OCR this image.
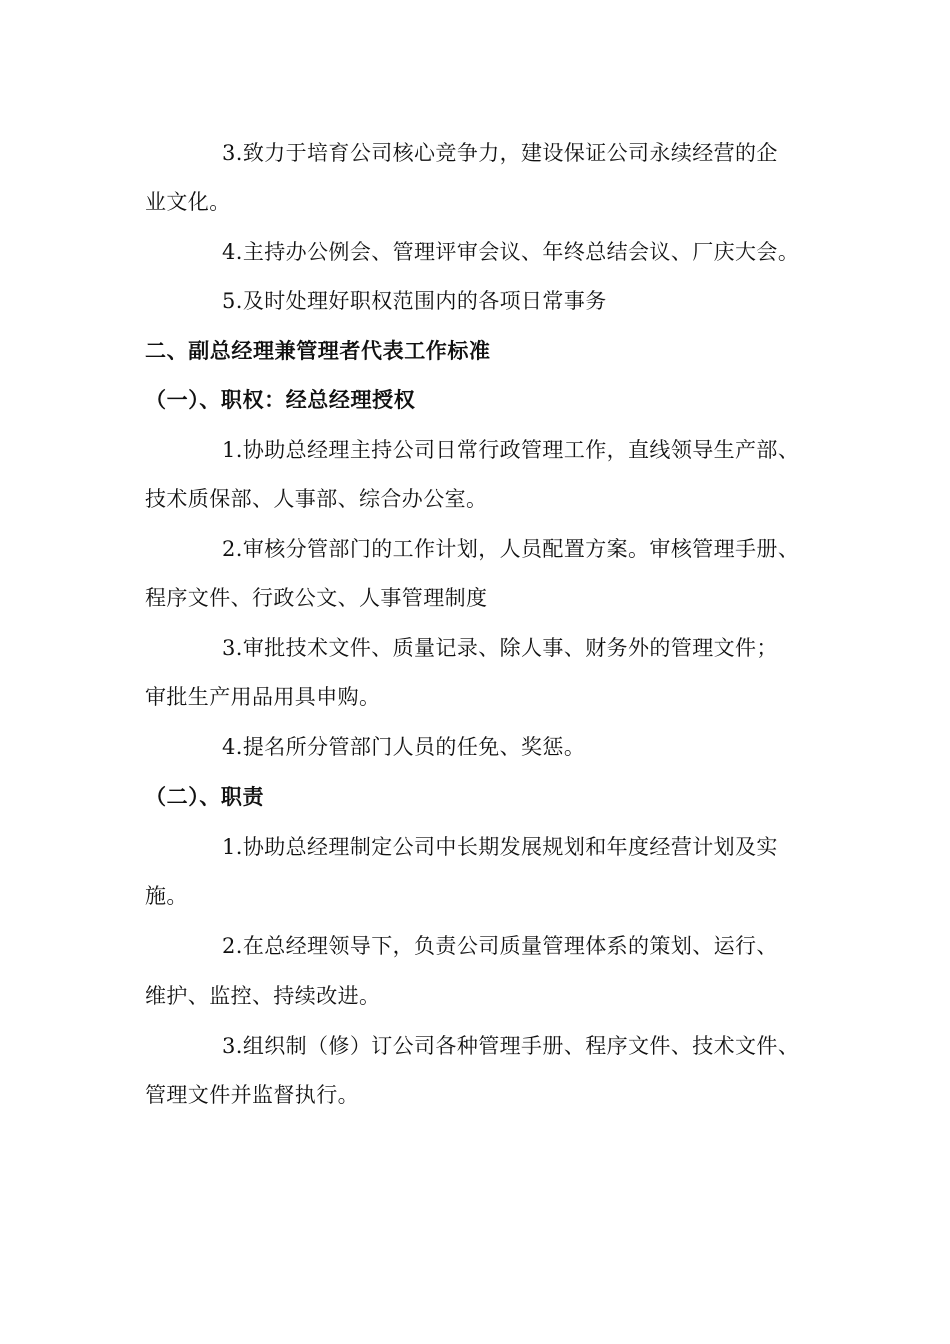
3.致力于培育公司核心竞争力，建设保证公司永续经营的企
业文化。
4.主持办公例会、管理评审会议、年终总结会议、厂庆大会。
5.及时处理好职权范围内的各项日常事务
二、副总经理兼管理者代表工作标准
（一）、职权：经总经理授权
1.协助总经理主持公司日常行政管理工作，直线领导生产部、
技术质保部、人事部、综合办公室。
2.审核分管部门的工作计划，人员配置方案。审核管理手册、
程序文件、行政公文、人事管理制度
3.审批技术文件、质量记录、除人事、财务外的管理文件；
审批生产用品用具申购。
4.提名所分管部门人员的任免、奖惩。
（二）、职责
1.协助总经理制定公司中长期发展规划和年度经营计划及实
施。
2.在总经理领导下，负责公司质量管理体系的策划、运行、
维护、监控、持续改进。
3.组织制（修）订公司各种管理手册、程序文件、技术文件、
管理文件并监督执行。
